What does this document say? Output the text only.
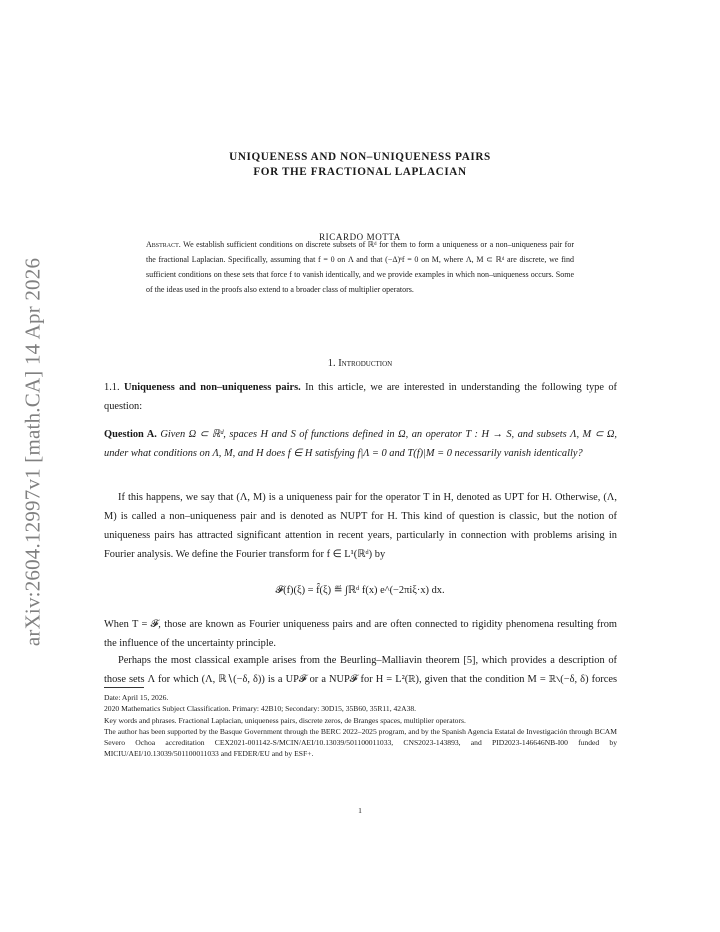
arXiv:2604.12997v1 [math.CA] 14 Apr 2026
UNIQUENESS AND NON–UNIQUENESS PAIRS
FOR THE FRACTIONAL LAPLACIAN
RICARDO MOTTA
Abstract. We establish sufficient conditions on discrete subsets of ℝᵈ for them to form a uniqueness or a non–uniqueness pair for the fractional Laplacian. Specifically, assuming that f = 0 on Λ and that (−Δ)ˢf = 0 on M, where Λ, M ⊂ ℝᵈ are discrete, we find sufficient conditions on these sets that force f to vanish identically, and we provide examples in which non–uniqueness occurs. Some of the ideas used in the proofs also extend to a broader class of multiplier operators.
1. Introduction
1.1. Uniqueness and non–uniqueness pairs. In this article, we are interested in understanding the following type of question:
Question A. Given Ω ⊂ ℝᵈ, spaces H and S of functions defined in Ω, an operator T : H → S, and subsets Λ, M ⊂ Ω, under what conditions on Λ, M, and H does f ∈ H satisfying f|Λ = 0 and T(f)|M = 0 necessarily vanish identically?
If this happens, we say that (Λ, M) is a uniqueness pair for the operator T in H, denoted as UPT for H. Otherwise, (Λ, M) is called a non–uniqueness pair and is denoted as NUPT for H. This kind of question is classic, but the notion of uniqueness pairs has attracted significant attention in recent years, particularly in connection with problems arising in Fourier analysis. We define the Fourier transform for f ∈ L¹(ℝᵈ) by
𝓕(f)(ξ) = f̂(ξ) ≝ ∫ℝᵈ f(x) e^(−2πiξ·x) dx.
When T = 𝓕, those are known as Fourier uniqueness pairs and are often connected to rigidity phenomena resulting from the influence of the uncertainty principle.
Perhaps the most classical example arises from the Beurling–Malliavin theorem [5], which provides a description of those sets Λ for which (Λ, ℝ∖(−δ, δ)) is a UP𝓕 or a NUP𝓕 for H = L²(ℝ), given that the condition M = ℝ∖(−δ, δ) forces
Date: April 15, 2026.
2020 Mathematics Subject Classification. Primary: 42B10; Secondary: 30D15, 35B60, 35R11, 42A38.
Key words and phrases. Fractional Laplacian, uniqueness pairs, discrete zeros, de Branges spaces, multiplier operators.
The author has been supported by the Basque Government through the BERC 2022–2025 program, and by the Spanish Agencia Estatal de Investigación through BCAM Severo Ochoa accreditation CEX2021-001142-S/MCIN/AEI/10.13039/501100011033, CNS2023-143893, and PID2023-146646NB-I00 funded by MICIU/AEI/10.13039/501100011033 and FEDER/EU and by ESF+.
1
